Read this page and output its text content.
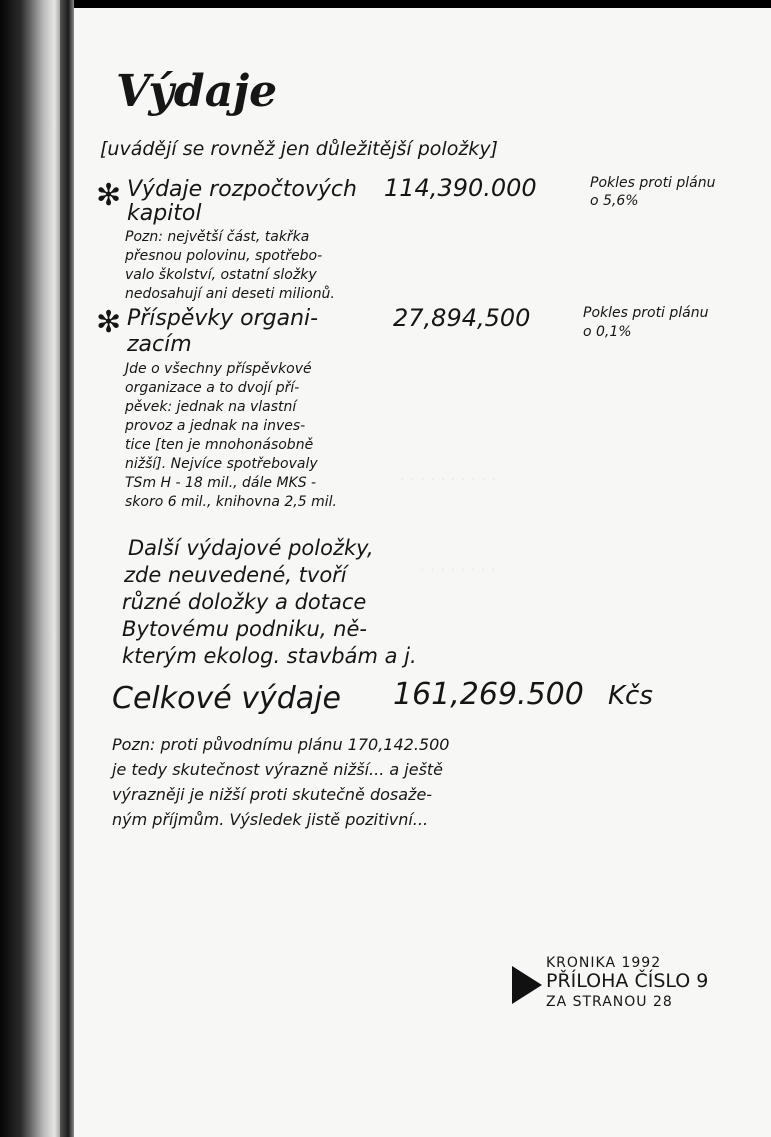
· · · · · · · · · ·
· · · · · · · ·
Výdaje

[uvádějí se rovněž jen důležitější položky]

✻ Výdaje rozpočtových

kapitol

114,390.000	Pokles proti plánu

o 5,6%

Pozn: největší část, takřka

přesnou polovinu, spotřebo-

valo školství, ostatní složky

nedosahují ani deseti milionů.

✻ Příspěvky organi-

zacím

27,894,500	Pokles proti plánu

o 0,1%

Jde o všechny příspěvkové

organizace a to dvojí pří-

pěvek: jednak na vlastní

provoz a jednak na inves-

tice [ten je mnohonásobně

nižší]. Nejvíce spotřebovaly

TSm H - 18 mil., dále MKS -

skoro 6 mil., knihovna 2,5 mil.

Další výdajové položky,

zde neuvedené, tvoří

různé doložky a dotace

Bytovému podniku, ně-

kterým ekolog. stavbám a j.

Celkové výdaje 161,269.500 Kčs

Pozn: proti původnímu plánu 170,142.500

je tedy skutečnost výrazně nižší... a ještě

výrazněji je nižší proti skutečně dosaže-

ným příjmům. Výsledek jistě pozitivní...

KRONIKA 1992
PŘÍLOHA ČÍSLO 9
ZA STRANOU 28
